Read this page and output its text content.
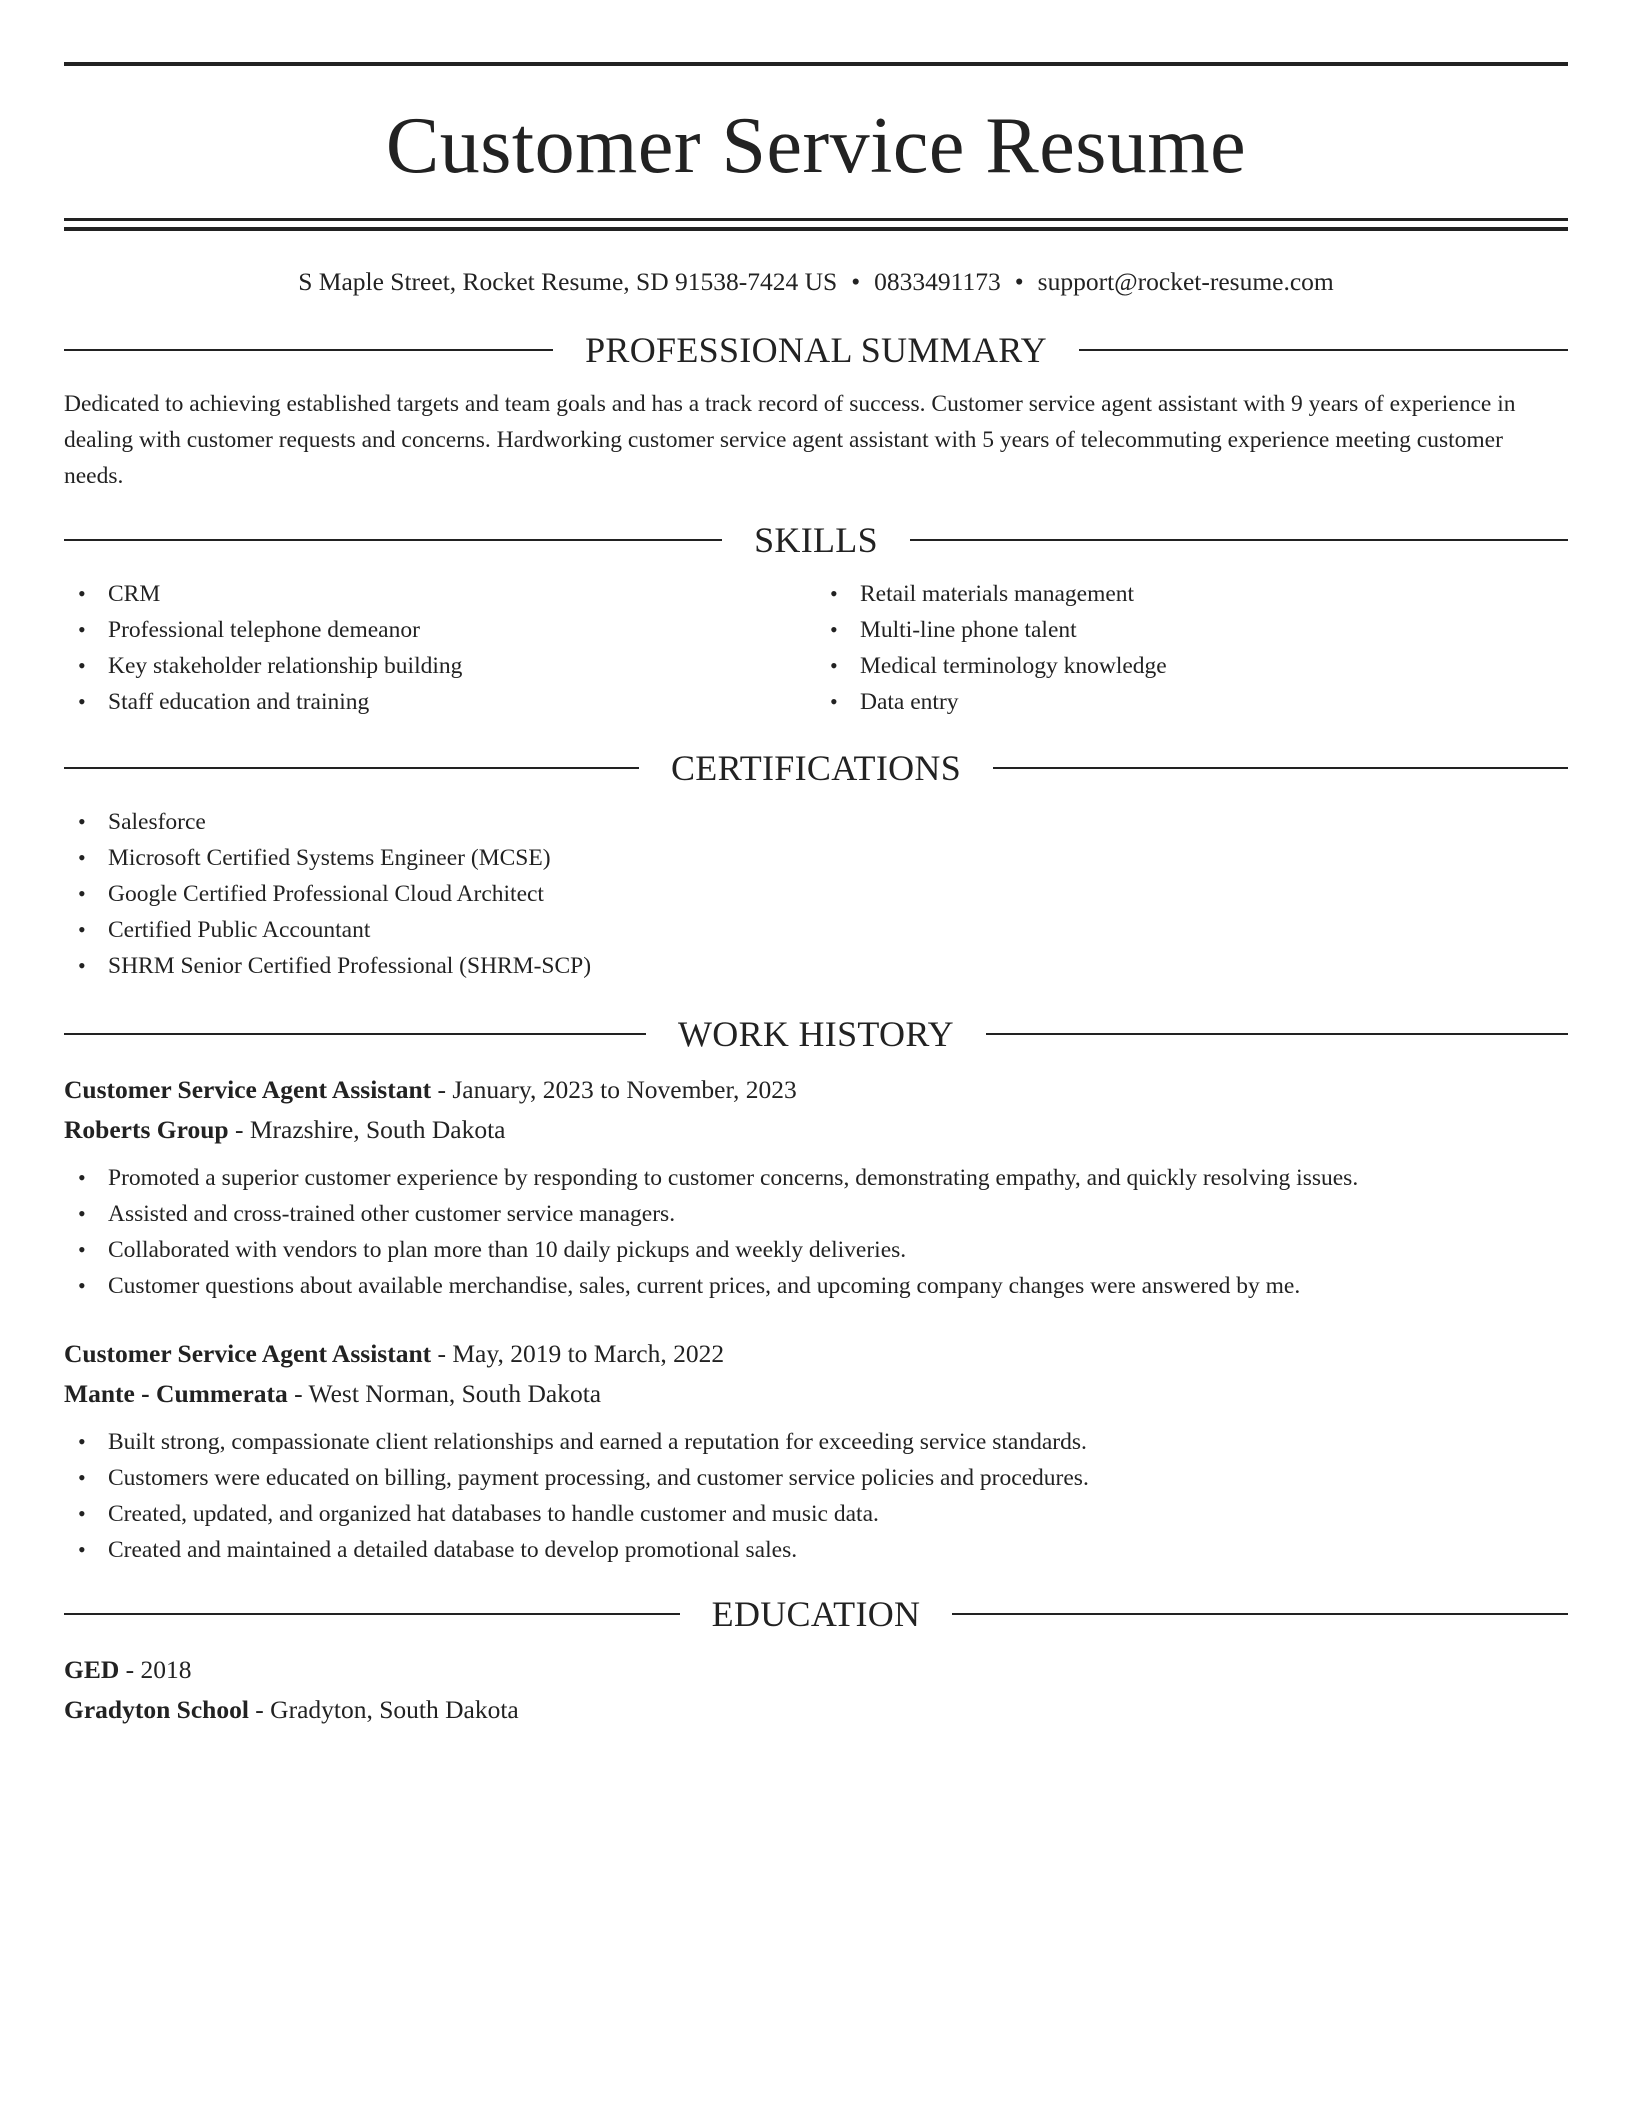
Customer Service Resume
S Maple Street, Rocket Resume, SD 91538-7424 US • 0833491173 • support@rocket-resume.com
PROFESSIONAL SUMMARY
Dedicated to achieving established targets and team goals and has a track record of success. Customer service agent assistant with 9 years of experience in dealing with customer requests and concerns. Hardworking customer service agent assistant with 5 years of telecommuting experience meeting customer needs.
SKILLS
• CRM
• Professional telephone demeanor
• Key stakeholder relationship building
• Staff education and training
• Retail materials management
• Multi-line phone talent
• Medical terminology knowledge
• Data entry
CERTIFICATIONS
• Salesforce
• Microsoft Certified Systems Engineer (MCSE)
• Google Certified Professional Cloud Architect
• Certified Public Accountant
• SHRM Senior Certified Professional (SHRM-SCP)
WORK HISTORY
Customer Service Agent Assistant - January, 2023 to November, 2023
Roberts Group - Mrazshire, South Dakota
• Promoted a superior customer experience by responding to customer concerns, demonstrating empathy, and quickly resolving issues.
• Assisted and cross-trained other customer service managers.
• Collaborated with vendors to plan more than 10 daily pickups and weekly deliveries.
• Customer questions about available merchandise, sales, current prices, and upcoming company changes were answered by me.
Customer Service Agent Assistant - May, 2019 to March, 2022
Mante - Cummerata - West Norman, South Dakota
• Built strong, compassionate client relationships and earned a reputation for exceeding service standards.
• Customers were educated on billing, payment processing, and customer service policies and procedures.
• Created, updated, and organized hat databases to handle customer and music data.
• Created and maintained a detailed database to develop promotional sales.
EDUCATION
GED - 2018
Gradyton School - Gradyton, South Dakota
